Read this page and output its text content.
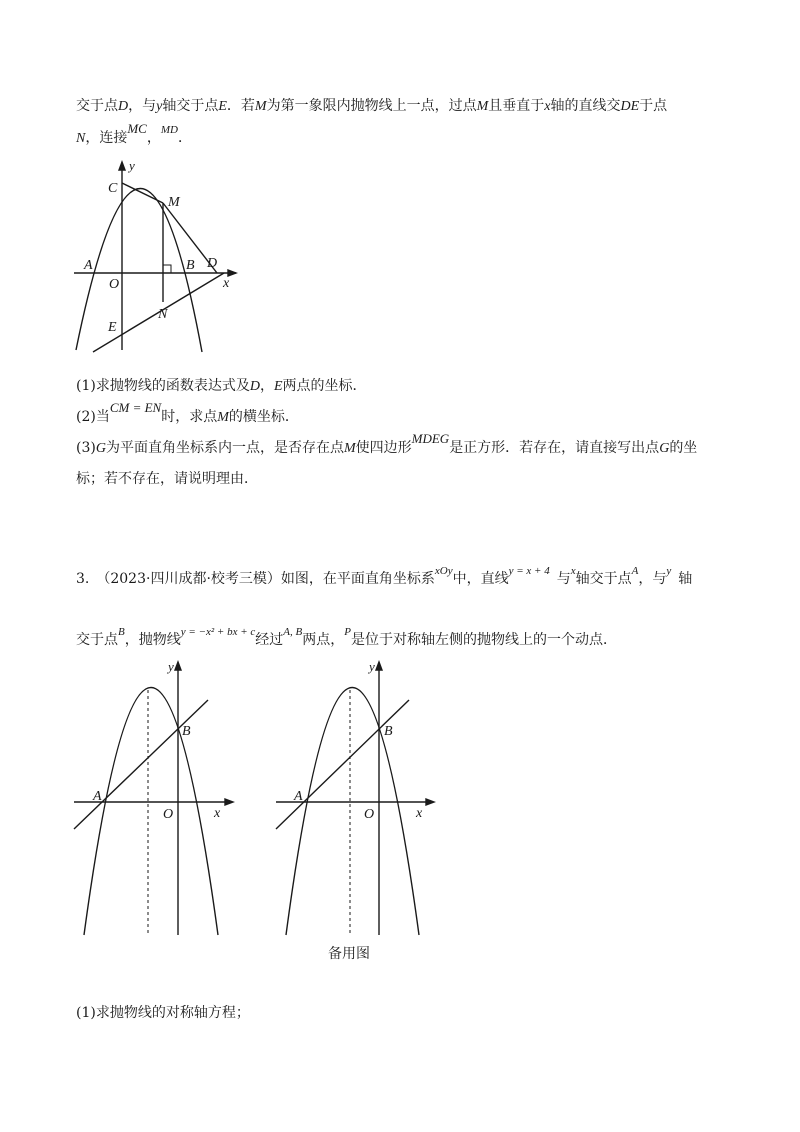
交于点D，与y轴交于点E．若M为第一象限内抛物线上一点，过点M且垂直于x轴的直线交DE于点
N，连接MC，$^{MD}$．
y
C
M
A
O
B D
x
E
N
(1)求抛物线的函数表达式及D，E两点的坐标．
(2)当CM = EN时，求点M的横坐标．
(3)G为平面直角坐标系内一点，是否存在点M使四边形MDEG是正方形．若存在，请直接写出点G的坐
标；若不存在，请说明理由．
3.  （2023·四川成都·校考三模）如图，在平面直角坐标系$^{xOy}$中，直线$^{y = x + 4}$  与$^x$轴交于点$^A$，与$^y$  轴
交于点$^B$，抛物线$^{y = -x^2 + bx + c}$经过$^{A, B}$两点，$^P$是位于对称轴左侧的抛物线上的一个动点．
y
B
A
O	x
y
B
A
O	x
备用图
(1)求抛物线的对称轴方程；
